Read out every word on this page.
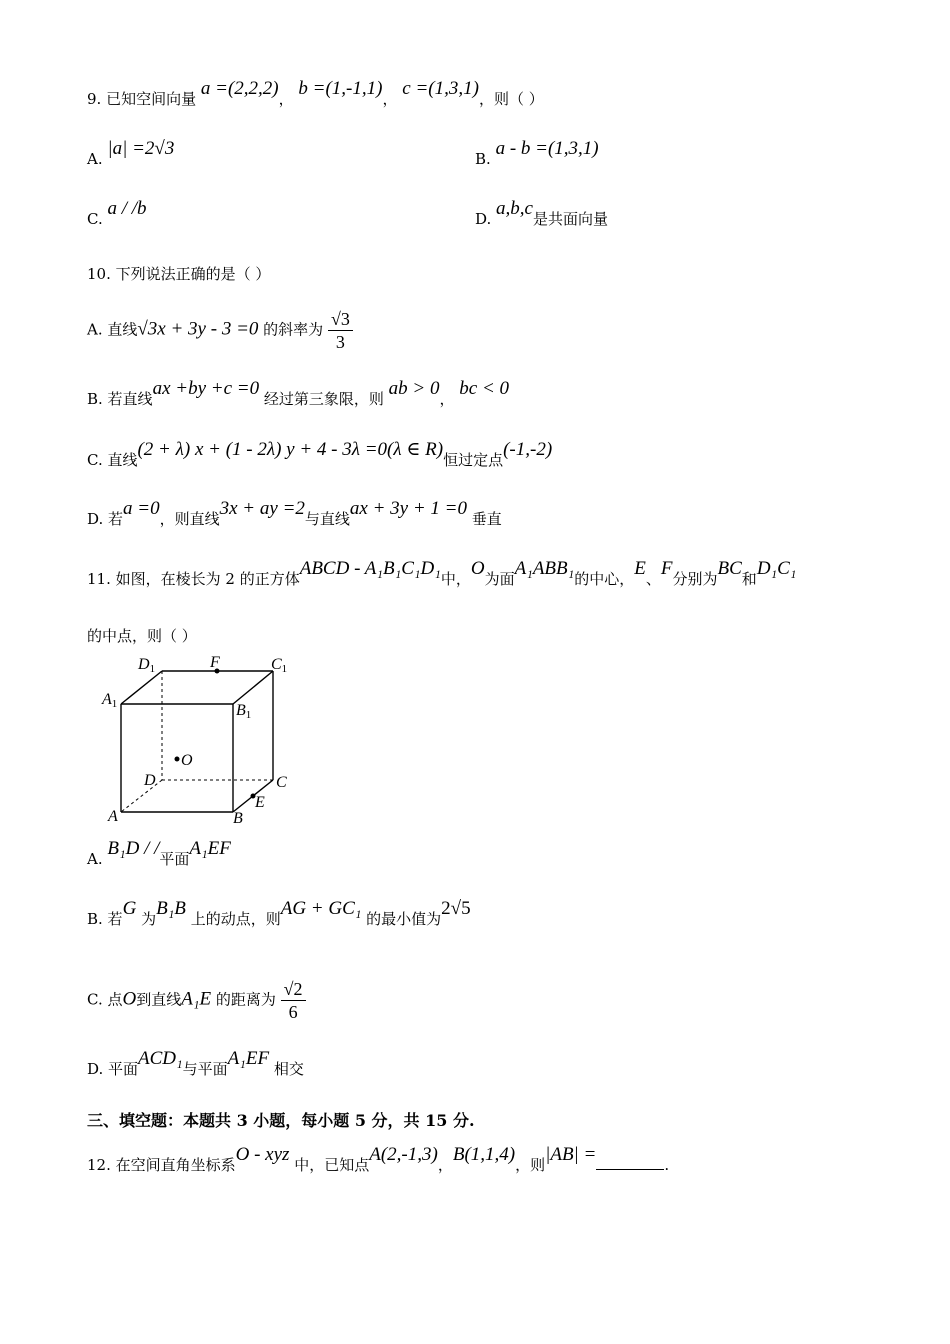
9. 已知空间向量 a =(2,2,2)， b =(1,-1,1)， c =(1,3,1)，则（ ）
A. |a| =2√3	B. a - b =(1,3,1)
C. a / /b	D. a,b,c是共面向量
10. 下列说法正确的是（ ）
A. 直线√3x + 3y - 3 =0 的斜率为 $\frac{√3}{3}$
B. 若直线ax +by +c =0 经过第三象限，则 ab > 0， bc < 0
C. 直线(2 + λ) x + (1 - 2λ) y + 4 - 3λ =0(λ ∈ R)恒过定点(-1,-2)
D. 若a =0，则直线3x + ay =2与直线ax + 3y + 1 =0 垂直
11. 如图，在棱长为 2 的正方体ABCD - A₁B₁C₁D₁中，O为面A₁ABB₁的中心，E、F分别为BC和D₁C₁
的中点，则（ ）
D1	F	C1
A1	B1
O
D	C
E
A	B
A. B₁D / /平面A₁EF
B. 若G 为B₁B 上的动点，则AG + GC₁ 的最小值为2√5
C. 点O到直线A₁E 的距离为 $\frac{√2}{6}$
D. 平面ACD₁与平面A₁EF 相交
三、填空题：本题共 3 小题，每小题 5 分，共 15 分.
12. 在空间直角坐标系O - xyz 中，已知点A(2,-1,3)，B(1,1,4)，则|AB| =	.
